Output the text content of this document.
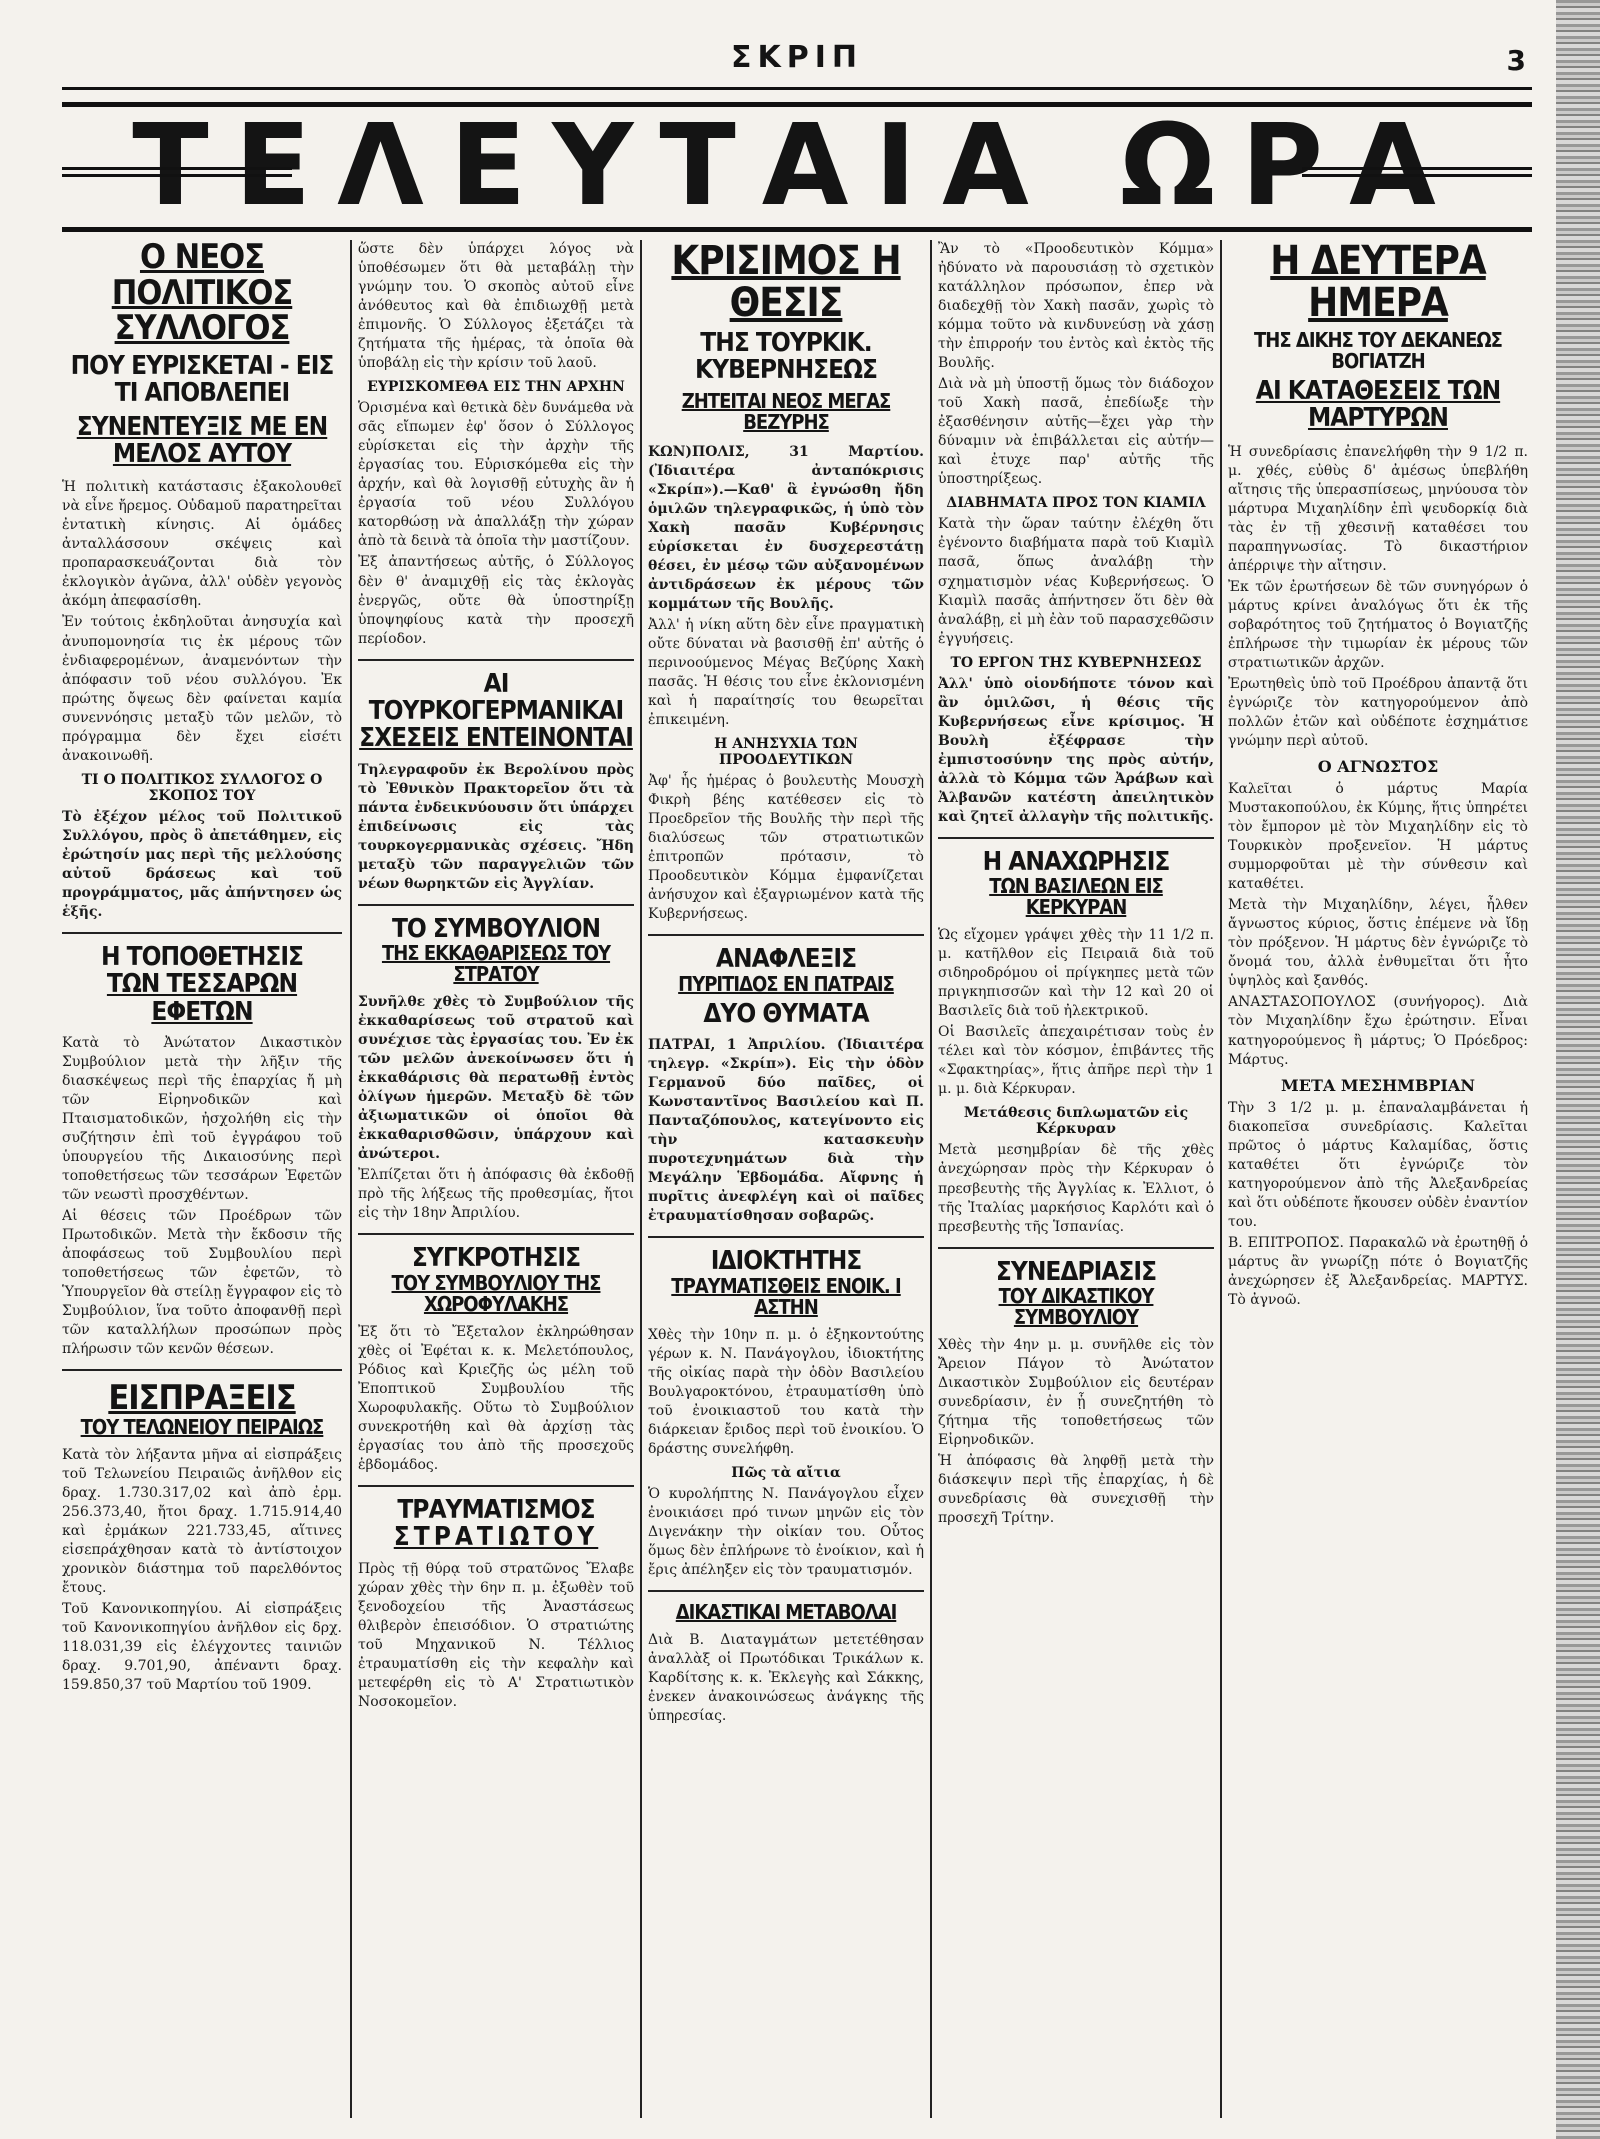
ΣΚΡΙΠ	3
ΤΕΛΕΥΤΑΙΑ ΩΡΑ
Ο ΝΕΟΣ ΠΟΛΙΤΙΚΟΣ ΣΥΛΛΟΓΟΣ
ΠΟΥ ΕΥΡΙΣΚΕΤΑΙ - ΕΙΣ ΤΙ ΑΠΟΒΛΕΠΕΙ
ΣΥΝΕΝΤΕΥΞΙΣ ΜΕ ΕΝ ΜΕΛΟΣ ΑΥΤΟΥ

Ἡ πολιτικὴ κατάστασις ἐξακολουθεῖ νὰ εἶνε ἤρεμος. Οὐδαμοῦ παρατηρεῖται ἐντατικὴ κίνησις. Αἱ ὁμάδες ἀνταλλάσσουν σκέψεις καὶ προπαρασκευάζονται διὰ τὸν ἐκλογικὸν ἀγῶνα, ἀλλ' οὐδὲν γεγονὸς ἀκόμη ἀπεφασίσθη.

Ἐν τούτοις ἐκδηλοῦται ἀνησυχία καὶ ἀνυπομονησία τις ἐκ μέρους τῶν ἐνδιαφερομένων, ἀναμενόντων τὴν ἀπόφασιν τοῦ νέου συλλόγου. Ἐκ πρώτης ὄψεως δὲν φαίνεται καμία συνεννόησις μεταξὺ τῶν μελῶν, τὸ πρόγραμμα δὲν ἔχει εἰσέτι ἀνακοινωθῆ.

ΤΙ Ο ΠΟΛΙΤΙΚΟΣ ΣΥΛΛΟΓΟΣ Ο ΣΚΟΠΟΣ ΤΟΥ

Τὸ ἐξέχον μέλος τοῦ Πολιτικοῦ Συλλόγου, πρὸς ὃ ἀπετάθημεν, εἰς ἐρώτησίν μας περὶ τῆς μελλούσης αὐτοῦ δράσεως καὶ τοῦ προγράμματος, μᾶς ἀπήντησεν ὡς ἑξῆς.

Η ΤΟΠΟΘΕΤΗΣΙΣ
ΤΩΝ ΤΕΣΣΑΡΩΝ ΕΦΕΤΩΝ

Κατὰ τὸ Ἀνώτατον Δικαστικὸν Συμβούλιον μετὰ τὴν λῆξιν τῆς διασκέψεως περὶ τῆς ἐπαρχίας ἤ μὴ τῶν Εἰρηνοδικῶν καὶ Πταισματοδικῶν, ἠσχολήθη εἰς τὴν συζήτησιν ἐπὶ τοῦ ἐγγράφου τοῦ ὑπουργείου τῆς Δικαιοσύνης περὶ τοποθετήσεως τῶν τεσσάρων Ἐφετῶν τῶν νεωστὶ προσχθέντων.

Αἱ θέσεις τῶν Προέδρων τῶν Πρωτοδικῶν. Μετὰ τὴν ἔκδοσιν τῆς ἀποφάσεως τοῦ Συμβουλίου περὶ τοποθετήσεως τῶν ἐφετῶν, τὸ Ὑπουργεῖον θὰ στείλῃ ἔγγραφον εἰς τὸ Συμβούλιον, ἵνα τοῦτο ἀποφανθῇ περὶ τῶν καταλλήλων προσώπων πρὸς πλήρωσιν τῶν κενῶν θέσεων.

ΕΙΣΠΡΑΞΕΙΣ
ΤΟΥ ΤΕΛΩΝΕΙΟΥ ΠΕΙΡΑΙΩΣ

Κατὰ τὸν λήξαντα μῆνα αἱ εἰσπράξεις τοῦ Τελωνείου Πειραιῶς ἀνῆλθον εἰς δραχ. 1.730.317,02 καὶ ἀπὸ ἐρμ. 256.373,40, ἤτοι δραχ. 1.715.914,40 καὶ ἐρμάκων 221.733,45, αἵτινες εἰσεπράχθησαν κατὰ τὸ ἀντίστοιχον χρονικὸν διάστημα τοῦ παρελθόντος ἔτους.

Τοῦ Κανονικοπηγίου. Αἱ εἰσπράξεις τοῦ Κανονικοπηγίου ἀνῆλθον εἰς δρχ. 118.031,39 εἰς ἐλέγχοντες ταινιῶν δραχ. 9.701,90, ἀπέναντι δραχ. 159.850,37 τοῦ Μαρτίου τοῦ 1909.

ὥστε δὲν ὑπάρχει λόγος νὰ ὑποθέσωμεν ὅτι θὰ μεταβάλῃ τὴν γνώμην του. Ὁ σκοπὸς αὐτοῦ εἶνε ἀνόθευτος καὶ θὰ ἐπιδιωχθῇ μετὰ ἐπιμονῆς. Ὁ Σύλλογος ἐξετάζει τὰ ζητήματα τῆς ἡμέρας, τὰ ὁποῖα θὰ ὑποβάλῃ εἰς τὴν κρίσιν τοῦ λαοῦ.

ΕΥΡΙΣΚΟΜΕΘΑ ΕΙΣ ΤΗΝ ΑΡΧΗΝ

Ὁρισμένα καὶ θετικὰ δὲν δυνάμεθα νὰ σᾶς εἴπωμεν ἐφ' ὅσον ὁ Σύλλογος εὑρίσκεται εἰς τὴν ἀρχὴν τῆς ἐργασίας του. Εὑρισκόμεθα εἰς τὴν ἀρχήν, καὶ θὰ λογισθῇ εὐτυχὴς ἂν ἡ ἐργασία τοῦ νέου Συλλόγου κατορθώσῃ νὰ ἀπαλλάξῃ τὴν χώραν ἀπὸ τὰ δεινὰ τὰ ὁποῖα τὴν μαστίζουν.

Ἐξ ἀπαντήσεως αὐτῆς, ὁ Σύλλογος δὲν θ' ἀναμιχθῇ εἰς τὰς ἐκλογὰς ἐνεργῶς, οὔτε θὰ ὑποστηρίξῃ ὑποψηφίους κατὰ τὴν προσεχῆ περίοδον.

ΑΙ ΤΟΥΡΚΟΓΕΡΜΑΝΙΚΑΙ
ΣΧΕΣΕΙΣ ΕΝΤΕΙΝΟΝΤΑΙ

Τηλεγραφοῦν ἐκ Βερολίνου πρὸς τὸ Ἐθνικὸν Πρακτορεῖον ὅτι τὰ πάντα ἐνδεικνύουσιν ὅτι ὑπάρχει ἐπιδείνωσις εἰς τὰς τουρκογερμανικὰς σχέσεις. Ἤδη μεταξὺ τῶν παραγγελιῶν τῶν νέων θωρηκτῶν εἰς Ἀγγλίαν.

ΤΟ ΣΥΜΒΟΥΛΙΟΝ
ΤΗΣ ΕΚΚΑΘΑΡΙΣΕΩΣ ΤΟΥ ΣΤΡΑΤΟΥ

Συνῆλθε χθὲς τὸ Συμβούλιον τῆς ἐκκαθαρίσεως τοῦ στρατοῦ καὶ συνέχισε τὰς ἐργασίας του. Ἐν ἐκ τῶν μελῶν ἀνεκοίνωσεν ὅτι ἡ ἐκκαθάρισις θὰ περατωθῇ ἐντὸς ὀλίγων ἡμερῶν. Μεταξὺ δὲ τῶν ἀξιωματικῶν οἱ ὁποῖοι θὰ ἐκκαθαρισθῶσιν, ὑπάρχουν καὶ ἀνώτεροι.

Ἐλπίζεται ὅτι ἡ ἀπόφασις θὰ ἐκδοθῇ πρὸ τῆς λήξεως τῆς προθεσμίας, ἤτοι εἰς τὴν 18ην Ἀπριλίου.

ΣΥΓΚΡΟΤΗΣΙΣ
ΤΟΥ ΣΥΜΒΟΥΛΙΟΥ ΤΗΣ ΧΩΡΟΦΥΛΑΚΗΣ

Ἐξ ὅτι τὸ Ἔξεταλον ἐκληρώθησαν χθὲς οἱ Ἐφέται κ. κ. Μελετόπουλος, Ρόδιος καὶ Κριεζῆς ὡς μέλη τοῦ Ἐποπτικοῦ Συμβουλίου τῆς Χωροφυλακῆς. Οὕτω τὸ Συμβούλιον συνεκροτήθη καὶ θὰ ἀρχίσῃ τὰς ἐργασίας του ἀπὸ τῆς προσεχοῦς ἑβδομάδος.

ΤΡΑΥΜΑΤΙΣΜΟΣ
ΣΤΡΑΤΙΩΤΟΥ

Πρὸς τῇ θύρᾳ τοῦ στρατῶνος Ἔλαβε χώραν χθὲς τὴν 6ην π. μ. ἐξωθὲν τοῦ ξενοδοχείου τῆς Ἀναστάσεως θλιβερὸν ἐπεισόδιον. Ὁ στρατιώτης τοῦ Μηχανικοῦ Ν. Τέλλιος ἐτραυματίσθη εἰς τὴν κεφαλὴν καὶ μετεφέρθη εἰς τὸ Α' Στρατιωτικὸν Νοσοκομεῖον.

ΚΡΙΣΙΜΟΣ Η ΘΕΣΙΣ
ΤΗΣ ΤΟΥΡΚΙΚ. ΚΥΒΕΡΝΗΣΕΩΣ
ΖΗΤΕΙΤΑΙ ΝΕΟΣ ΜΕΓΑΣ ΒΕΖΥΡΗΣ

ΚΩΝ)ΠΟΛΙΣ, 31 Μαρτίου. (Ἰδιαιτέρα ἀνταπόκρισις «Σκρίπ»).—Καθ' ἃ ἐγνώσθη ἤδη ὁμιλῶν τηλεγραφικῶς, ἡ ὑπὸ τὸν Χακὴ πασᾶν Κυβέρνησις εὑρίσκεται ἐν δυσχερεστάτῃ θέσει, ἐν μέσῳ τῶν αὐξανομένων ἀντιδράσεων ἐκ μέρους τῶν κομμάτων τῆς Βουλῆς.

Ἀλλ' ἡ νίκη αὕτη δὲν εἶνε πραγματικὴ οὔτε δύναται νὰ βασισθῇ ἐπ' αὐτῆς ὁ περινοούμενος Μέγας Βεζύρης Χακὴ πασᾶς. Ἡ θέσις του εἶνε ἐκλονισμένη καὶ ἡ παραίτησίς του θεωρεῖται ἐπικειμένη.

Η ΑΝΗΣΥΧΙΑ ΤΩΝ ΠΡΟΟΔΕΥΤΙΚΩΝ

Ἀφ' ἧς ἡμέρας ὁ βουλευτὴς Μουσχὴ Φικρὴ βέης κατέθεσεν εἰς τὸ Προεδρεῖον τῆς Βουλῆς τὴν περὶ τῆς διαλύσεως τῶν στρατιωτικῶν ἐπιτροπῶν πρότασιν, τὸ Προοδευτικὸν Κόμμα ἐμφανίζεται ἀνήσυχον καὶ ἐξαγριωμένον κατὰ τῆς Κυβερνήσεως.

ΑΝΑΦΛΕΞΙΣ
ΠΥΡΙΤΙΔΟΣ ΕΝ ΠΑΤΡΑΙΣ
ΔΥΟ ΘΥΜΑΤΑ

ΠΑΤΡΑΙ, 1 Ἀπριλίου. (Ἰδιαιτέρα τηλεγρ. «Σκρίπ»). Εἰς τὴν ὁδὸν Γερμανοῦ δύο παῖδες, οἱ Κωνσταντῖνος Βασιλείου καὶ Π. Πανταζόπουλος, κατεγίνοντο εἰς τὴν κατασκευὴν πυροτεχνημάτων διὰ τὴν Μεγάλην Ἑβδομάδα. Αἴφνης ἡ πυρῖτις ἀνεφλέγη καὶ οἱ παῖδες ἐτραυματίσθησαν σοβαρῶς.

ΙΔΙΟΚΤΗΤΗΣ
ΤΡΑΥΜΑΤΙΣΘΕΙΣ ΕΝΟΙΚ. Ι ΑΣΤΗΝ

Χθὲς τὴν 10ην π. μ. ὁ ἐξηκοντούτης γέρων κ. Ν. Πανάγογλου, ἰδιοκτήτης τῆς οἰκίας παρὰ τὴν ὁδὸν Βασιλείου Βουλγαροκτόνου, ἐτραυματίσθη ὑπὸ τοῦ ἐνοικιαστοῦ του κατὰ τὴν διάρκειαν ἔριδος περὶ τοῦ ἐνοικίου. Ὁ δράστης συνελήφθη.

Πῶς τὰ αἴτια

Ὁ κυρολήπτης Ν. Πανάγογλου εἶχεν ἐνοικιάσει πρό τινων μηνῶν εἰς τὸν Διγενάκην τὴν οἰκίαν του. Οὗτος ὅμως δὲν ἐπλήρωνε τὸ ἐνοίκιον, καὶ ἡ ἔρις ἀπέληξεν εἰς τὸν τραυματισμόν.

ΔΙΚΑΣΤΙΚΑΙ ΜΕΤΑΒΟΛΑΙ

Διὰ Β. Διαταγμάτων μετετέθησαν ἀναλλὰξ οἱ Πρωτόδικαι Τρικάλων κ. Καρδίτσης κ. κ. Ἐκλεγὴς καὶ Σάκκης, ἐνεκεν ἀνακοινώσεως ἀνάγκης τῆς ὑπηρεσίας.

Ἂν τὸ «Προοδευτικὸν Κόμμα» ἠδύνατο νὰ παρουσιάσῃ τὸ σχετικὸν κατάλληλον πρόσωπον, ἐπερ νὰ διαδεχθῇ τὸν Χακὴ πασᾶν, χωρὶς τὸ κόμμα τοῦτο νὰ κινδυνεύσῃ νὰ χάσῃ τὴν ἐπιρροήν του ἐντὸς καὶ ἐκτὸς τῆς Βουλῆς.

Διὰ νὰ μὴ ὑποστῇ ὅμως τὸν διάδοχον τοῦ Χακὴ πασᾶ, ἐπεδίωξε τὴν ἐξασθένησιν αὐτῆς—ἔχει γὰρ τὴν δύναμιν νὰ ἐπιβάλλεται εἰς αὐτήν—καὶ ἐτυχε παρ' αὐτῆς τῆς ὑποστηρίξεως.

ΔΙΑΒΗΜΑΤΑ ΠΡΟΣ ΤΟΝ ΚΙΑΜΙΛ

Κατὰ τὴν ὥραν ταύτην ἐλέχθη ὅτι ἐγένοντο διαβήματα παρὰ τοῦ Κιαμὶλ πασᾶ, ὅπως ἀναλάβῃ τὴν σχηματισμὸν νέας Κυβερνήσεως. Ὁ Κιαμὶλ πασᾶς ἀπήντησεν ὅτι δὲν θὰ ἀναλάβῃ, εἰ μὴ ἐὰν τοῦ παρασχεθῶσιν ἐγγυήσεις.

ΤΟ ΕΡΓΟΝ ΤΗΣ ΚΥΒΕΡΝΗΣΕΩΣ

Ἀλλ' ὑπὸ οἱονδήποτε τόνον καὶ ἂν ὁμιλῶσι, ἡ θέσις τῆς Κυβερνήσεως εἶνε κρίσιμος. Ἡ Βουλὴ ἐξέφρασε τὴν ἐμπιστοσύνην της πρὸς αὐτήν, ἀλλὰ τὸ Κόμμα τῶν Ἀράβων καὶ Ἀλβανῶν κατέστη ἀπειλητικὸν καὶ ζητεῖ ἀλλαγὴν τῆς πολιτικῆς.

Η ΑΝΑΧΩΡΗΣΙΣ
ΤΩΝ ΒΑΣΙΛΕΩΝ ΕΙΣ ΚΕΡΚΥΡΑΝ

Ὡς εἴχομεν γράψει χθὲς τὴν 11 1/2 π. μ. κατῆλθον εἰς Πειραιᾶ διὰ τοῦ σιδηροδρόμου οἱ πρίγκηπες μετὰ τῶν πριγκηπισσῶν καὶ τὴν 12 καὶ 20 οἱ Βασιλεῖς διὰ τοῦ ἠλεκτρικοῦ.

Οἱ Βασιλεῖς ἀπεχαιρέτισαν τοὺς ἐν τέλει καὶ τὸν κόσμον, ἐπιβάντες τῆς «Σφακτηρίας», ἥτις ἀπῆρε περὶ τὴν 1 μ. μ. διὰ Κέρκυραν.

Μετάθεσις διπλωματῶν εἰς Κέρκυραν

Μετὰ μεσημβρίαν δὲ τῆς χθὲς ἀνεχώρησαν πρὸς τὴν Κέρκυραν ὁ πρεσβευτὴς τῆς Ἀγγλίας κ. Ἐλλιοτ, ὁ τῆς Ἰταλίας μαρκήσιος Καρλότι καὶ ὁ πρεσβευτὴς τῆς Ἱσπανίας.

ΣΥΝΕΔΡΙΑΣΙΣ
ΤΟΥ ΔΙΚΑΣΤΙΚΟΥ ΣΥΜΒΟΥΛΙΟΥ

Χθὲς τὴν 4ην μ. μ. συνῆλθε εἰς τὸν Ἄρειον Πάγον τὸ Ἀνώτατον Δικαστικὸν Συμβούλιον εἰς δευτέραν συνεδρίασιν, ἐν ᾗ συνεζητήθη τὸ ζήτημα τῆς τοποθετήσεως τῶν Εἰρηνοδικῶν.

Ἡ ἀπόφασις θὰ ληφθῇ μετὰ τὴν διάσκεψιν περὶ τῆς ἐπαρχίας, ἡ δὲ συνεδρίασις θὰ συνεχισθῇ τὴν προσεχῆ Τρίτην.

Η ΔΕΥΤΕΡΑ ΗΜΕΡΑ
ΤΗΣ ΔΙΚΗΣ ΤΟΥ ΔΕΚΑΝΕΩΣ ΒΟΓΙΑΤΖΗ
ΑΙ ΚΑΤΑΘΕΣΕΙΣ ΤΩΝ ΜΑΡΤΥΡΩΝ

Ἡ συνεδρίασις ἐπανελήφθη τὴν 9 1/2 π. μ. χθές, εὐθὺς δ' ἀμέσως ὑπεβλήθη αἴτησις τῆς ὑπερασπίσεως, μηνύουσα τὸν μάρτυρα Μιχαηλίδην ἐπὶ ψευδορκίᾳ διὰ τὰς ἐν τῇ χθεσινῇ καταθέσει του παραπηγνωσίας. Τὸ δικαστήριον ἀπέρριψε τὴν αἴτησιν.

Ἐκ τῶν ἐρωτήσεων δὲ τῶν συνηγόρων ὁ μάρτυς κρίνει ἀναλόγως ὅτι ἐκ τῆς σοβαρότητος τοῦ ζητήματος ὁ Βογιατζῆς ἐπλήρωσε τὴν τιμωρίαν ἐκ μέρους τῶν στρατιωτικῶν ἀρχῶν.

Ἐρωτηθεὶς ὑπὸ τοῦ Προέδρου ἀπαντᾷ ὅτι ἐγνώριζε τὸν κατηγορούμενον ἀπὸ πολλῶν ἐτῶν καὶ οὐδέποτε ἐσχημάτισε γνώμην περὶ αὐτοῦ.

Ο ΑΓΝΩΣΤΟΣ

Καλεῖται ὁ μάρτυς Μαρία Μυστακοπούλου, ἐκ Κύμης, ἥτις ὑπηρέτει τὸν ἔμπορον μὲ τὸν Μιχαηλίδην εἰς τὸ Τουρκικὸν προξενεῖον. Ἡ μάρτυς συμμορφοῦται μὲ τὴν σύνθεσιν καὶ καταθέτει.

Μετὰ τὴν Μιχαηλίδην, λέγει, ἦλθεν ἄγνωστος κύριος, ὅστις ἐπέμενε νὰ ἴδῃ τὸν πρόξενον. Ἡ μάρτυς δὲν ἐγνώριζε τὸ ὄνομά του, ἀλλὰ ἐνθυμεῖται ὅτι ἦτο ὑψηλὸς καὶ ξανθός.

ΑΝΑΣΤΑΣΟΠΟΥΛΟΣ (συνήγορος). Διὰ τὸν Μιχαηλίδην ἔχω ἐρώτησιν. Εἶναι κατηγορούμενος ἢ μάρτυς; Ὁ Πρόεδρος: Μάρτυς.

ΜΕΤΑ ΜΕΣΗΜΒΡΙΑΝ

Τὴν 3 1/2 μ. μ. ἐπαναλαμβάνεται ἡ διακοπεῖσα συνεδρίασις. Καλεῖται πρῶτος ὁ μάρτυς Καλαμίδας, ὅστις καταθέτει ὅτι ἐγνώριζε τὸν κατηγορούμενον ἀπὸ τῆς Ἀλεξανδρείας καὶ ὅτι οὐδέποτε ἤκουσεν οὐδὲν ἐναντίον του.

Β. ΕΠΙΤΡΟΠΟΣ. Παρακαλῶ νὰ ἐρωτηθῇ ὁ μάρτυς ἂν γνωρίζῃ πότε ὁ Βογιατζῆς ἀνεχώρησεν ἐξ Ἀλεξανδρείας. ΜΑΡΤΥΣ. Τὸ ἀγνοῶ.
